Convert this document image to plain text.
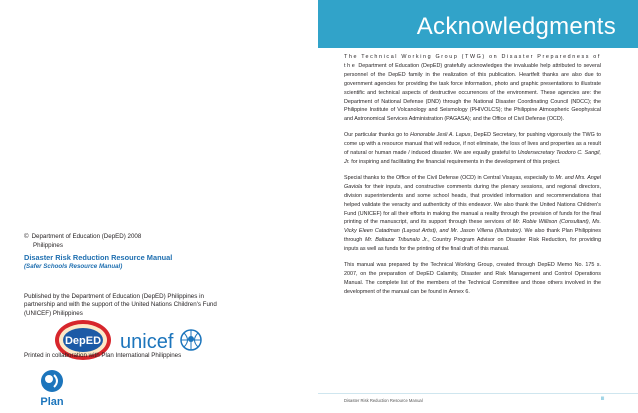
© Department of Education (DepED) 2008
Philippines
Disaster Risk Reduction Resource Manual
(Safer Schools Resource Manual)
Published by the Department of Education (DepED) Philippines in partnership and with the support of the United Nations Children's Fund (UNICEF) Philippines
DepED unicef
Printed in collaboration with Plan International Philippines
Plan
Acknowledgments

The Technical Working Group (TWG) on Disaster Preparedness of the Department of Education (DepED) gratefully acknowledges the invaluable help attributed to several personnel of the DepED family in the realization of this publication. Heartfelt thanks are also due to government agencies for providing the task force information, photo and graphic presentations to illustrate scientific and technical aspects of destructive occurrences of the environment. These agencies are: the Department of National Defense (DND) through the National Disaster Coordinating Council (NDCC); the Philippine Institute of Volcanology and Seismology (PHIVOLCS); the Philippine Atmospheric Geophysical and Astronomical Services Administration (PAGASA); and the Office of Civil Defense (OCD).

Our particular thanks go to Honorable Jesli A. Lapus, DepED Secretary, for pushing vigorously the TWG to come up with a resource manual that will reduce, if not eliminate, the loss of lives and properties as a result of natural or human made / induced disaster. We are equally grateful to Undersecretary Teodoro C. Sangil, Jr. for inspiring and facilitating the financial requirements in the development of this project.

Special thanks to the Office of the Civil Defense (OCD) in Central Visayas, especially to Mr. and Mrs. Angel Gaviola for their inputs, and constructive comments during the plenary sessions, and regional directors, division superintendents and some school heads, that provided information and recommendations that helped validate the veracity and authenticity of this endeavor. We also thank the United Nations Children's Fund (UNICEF) for all their efforts in making the manual a reality through the provision of funds for the final printing of the manuscript, and its support through these services of Mr. Robie Willison (Consultant), Ms. Vicky Eleen Catadman (Layout Artist), and Mr. Jason Villena (Illustrator). We also thank Plan Philippines through Mr. Baltazar Tribunalo Jr., Country Program Advisor on Disaster Risk Reduction, for providing inputs as well as funds for the printing of the final draft of this manual.

This manual was prepared by the Technical Working Group, created through DepED Memo No. 175 s. 2007, on the preparation of DepED Calamity, Disaster and Risk Management and Control Operations Manual. The complete list of the members of the Technical Committee and those others involved in the development of the manual can be found in Annex 6.

Disaster Risk Reduction Resource Manual	iii
